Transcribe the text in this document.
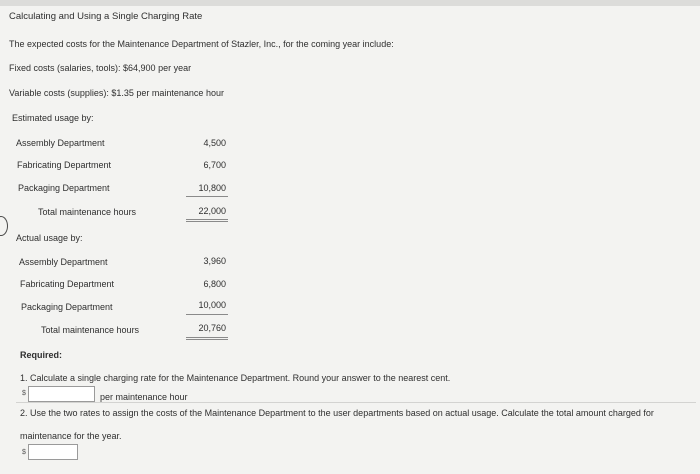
Calculating and Using a Single Charging Rate
The expected costs for the Maintenance Department of Stazler, Inc., for the coming year include:
Fixed costs (salaries, tools): $64,900 per year
Variable costs (supplies): $1.35 per maintenance hour
Estimated usage by:
Assembly Department	4,500
Fabricating Department	6,700
Packaging Department	10,800
Total maintenance hours	22,000
Actual usage by:
Assembly Department	3,960
Fabricating Department	6,800
Packaging Department	10,000
Total maintenance hours	20,760
Required:
1. Calculate a single charging rate for the Maintenance Department. Round your answer to the nearest cent.
$	per maintenance hour
2. Use the two rates to assign the costs of the Maintenance Department to the user departments based on actual usage. Calculate the total amount charged for
maintenance for the year.
$
